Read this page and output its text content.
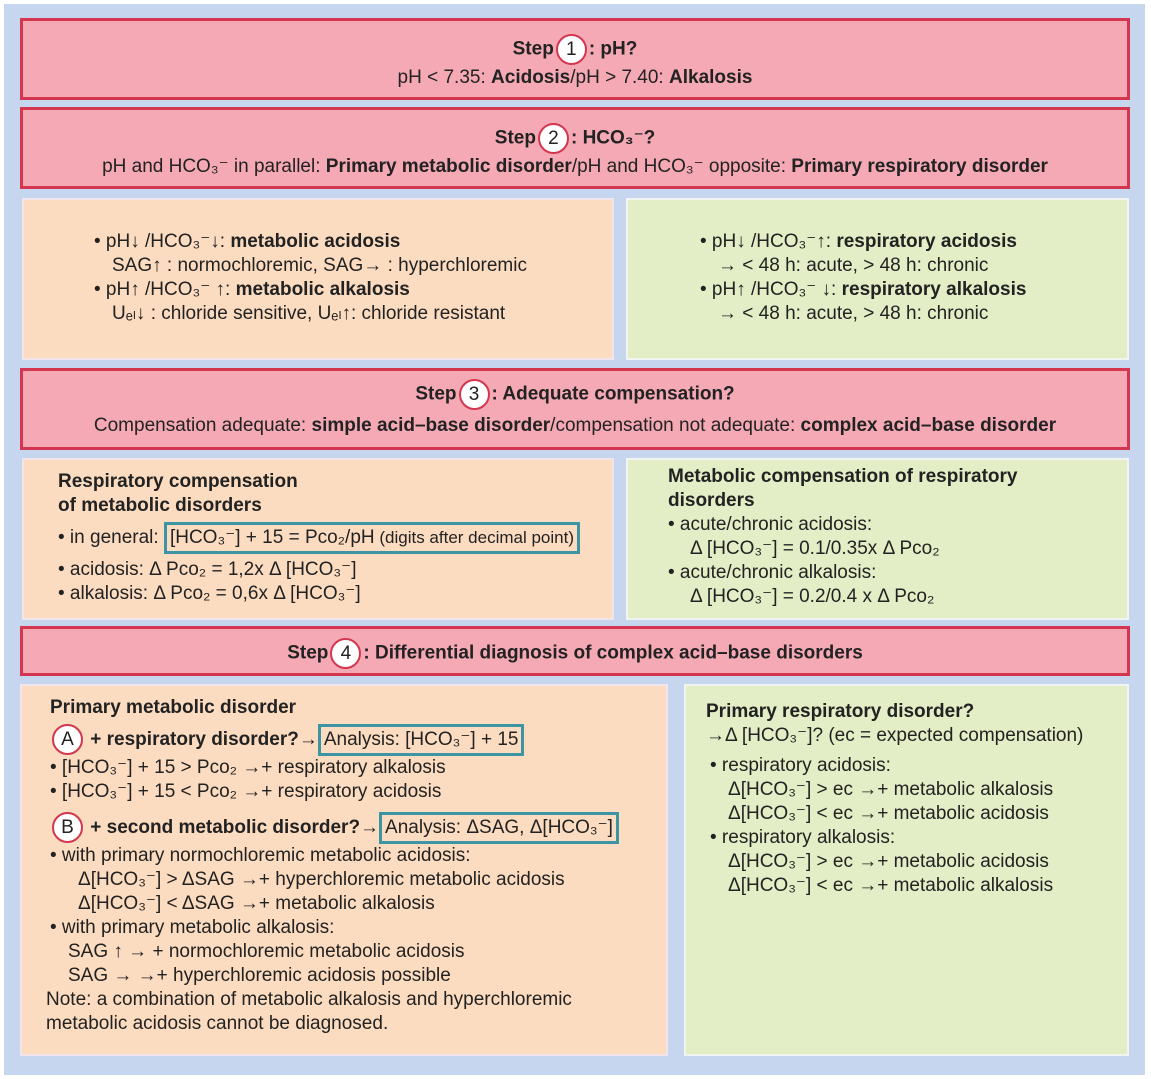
Step 1 : pH?
pH < 7.35: Acidosis/pH > 7.40: Alkalosis
Step 2 : HCO₃⁻?
pH and HCO₃⁻ in parallel: Primary metabolic disorder/pH and HCO₃⁻ opposite: Primary respiratory disorder
• pH↓ /HCO₃⁻↓: metabolic acidosis
SAG↑ : normochloremic, SAG→ : hyperchloremic
• pH↑ /HCO₃⁻ ↑: metabolic alkalosis
Uₑₗ↓ : chloride sensitive, Uₑₗ↑: chloride resistant
• pH↓ /HCO₃⁻↑: respiratory acidosis
→ < 48 h: acute, > 48 h: chronic
• pH↑ /HCO₃⁻ ↓: respiratory alkalosis
→ < 48 h: acute, > 48 h: chronic
Step 3 : Adequate compensation?
Compensation adequate: simple acid–base disorder/compensation not adequate: complex acid–base disorder
Respiratory compensation
of metabolic disorders
• in general: [HCO₃⁻] + 15 = Pco₂/pH (digits after decimal point)
• acidosis: Δ Pco₂ = 1,2x Δ [HCO₃⁻]
• alkalosis: Δ Pco₂ = 0,6x Δ [HCO₃⁻]
Metabolic compensation of respiratory
disorders
• acute/chronic acidosis:
Δ [HCO₃⁻] = 0.1/0.35x Δ Pco₂
• acute/chronic alkalosis:
Δ [HCO₃⁻] = 0.2/0.4 x Δ Pco₂
Step 4 : Differential diagnosis of complex acid–base disorders
Primary metabolic disorder
A + respiratory disorder?→ Analysis: [HCO₃⁻] + 15
• [HCO₃⁻] + 15 > Pco₂ →+ respiratory alkalosis
• [HCO₃⁻] + 15 < Pco₂ →+ respiratory acidosis
B + second metabolic disorder?→ Analysis: ΔSAG, Δ[HCO₃⁻]
• with primary normochloremic metabolic acidosis:
Δ[HCO₃⁻] > ΔSAG →+ hyperchloremic metabolic acidosis
Δ[HCO₃⁻] < ΔSAG →+ metabolic alkalosis
• with primary metabolic alkalosis:
SAG ↑ → + normochloremic metabolic acidosis
SAG → →+ hyperchloremic acidosis possible
Note: a combination of metabolic alkalosis and hyperchloremic
metabolic acidosis cannot be diagnosed.
Primary respiratory disorder?
→Δ [HCO₃⁻]? (ec = expected compensation)
• respiratory acidosis:
Δ[HCO₃⁻] > ec →+ metabolic alkalosis
Δ[HCO₃⁻] < ec →+ metabolic acidosis
• respiratory alkalosis:
Δ[HCO₃⁻] > ec →+ metabolic acidosis
Δ[HCO₃⁻] < ec →+ metabolic alkalosis
